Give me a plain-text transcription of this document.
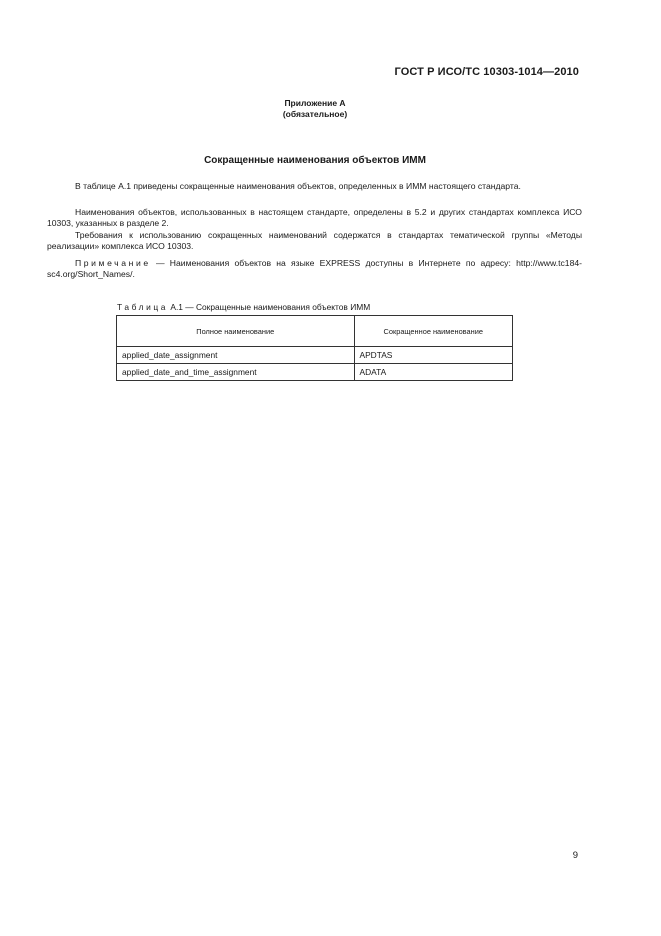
ГОСТ Р ИСО/ТС 10303-1014—2010
Приложение А
(обязательное)
Сокращенные наименования объектов ИММ
В таблице А.1 приведены сокращенные наименования объектов, определенных в ИММ настоящего стандарта.
Наименования объектов, использованных в настоящем стандарте, определены в 5.2 и других стандартах комплекса ИСО 10303, указанных в разделе 2.
Требования к использованию сокращенных наименований содержатся в стандартах тематической группы «Методы реализации» комплекса ИСО 10303.
Примечание — Наименования объектов на языке EXPRESS доступны в Интернете по адресу: http://www.tc184-sc4.org/Short_Names/.
Таблица А.1 — Сокращенные наименования объектов ИММ
Полное наименование	Сокращенное наименование
applied_date_assignment	APDTAS
applied_date_and_time_assignment	ADATA
9
